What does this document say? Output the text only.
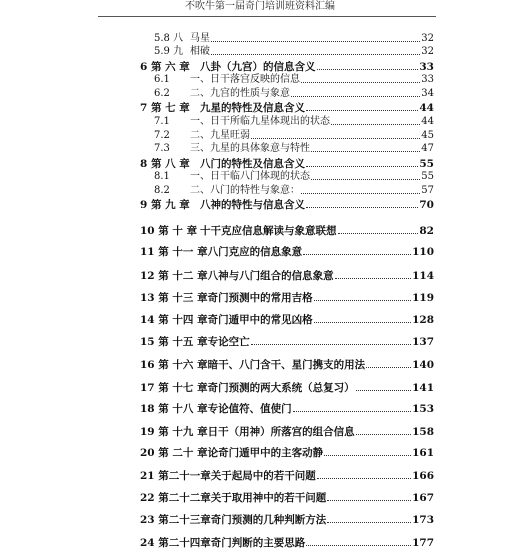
不吹牛第一届奇门培训班资料汇编
5.8 八 马星	32
5.9 九 相破	32
6 第 六 章 八卦（九宫）的信息含义	33
6.1	一、日干落宫反映的信息	33
6.2	二、九宫的性质与象意	34
7 第 七 章 九星的特性及信息含义	44
7.1	一、日干所临九星体现出的状态	44
7.2	二、九星旺弱	45
7.3	三、九星的具体象意与特性	47
8 第 八 章 八门的特性及信息含义	55
8.1	一、日干临八门体现的状态	55
8.2	二、八门的特性与象意：	57
9 第 九 章 八神的特性与信息含义	70
10 第 十 章 十干克应信息解读与象意联想	82
11 第 十一 章 八门克应的信息象意	110
12 第 十二 章 八神与八门组合的信息象意	114
13 第 十三 章 奇门预测中的常用吉格	119
14 第 十四 章 奇门遁甲中的常见凶格	128
15 第 十五 章 专论空亡	137
16 第 十六 章 暗干、八门含干、星门携支的用法	140
17 第 十七 章 奇门预测的两大系统（总复习）	141
18 第 十八 章 专论值符、值使门	153
19 第 十九 章 日干（用神）所落宫的组合信息	158
20 第 二十 章 论奇门遁甲中的主客动静	161
21 第二十一章 关于起局中的若干问题	166
22 第二十二章 关于取用神中的若干问题	167
23 第二十三章 奇门预测的几种判断方法	173
24 第二十四章 奇门判断的主要思路	177
